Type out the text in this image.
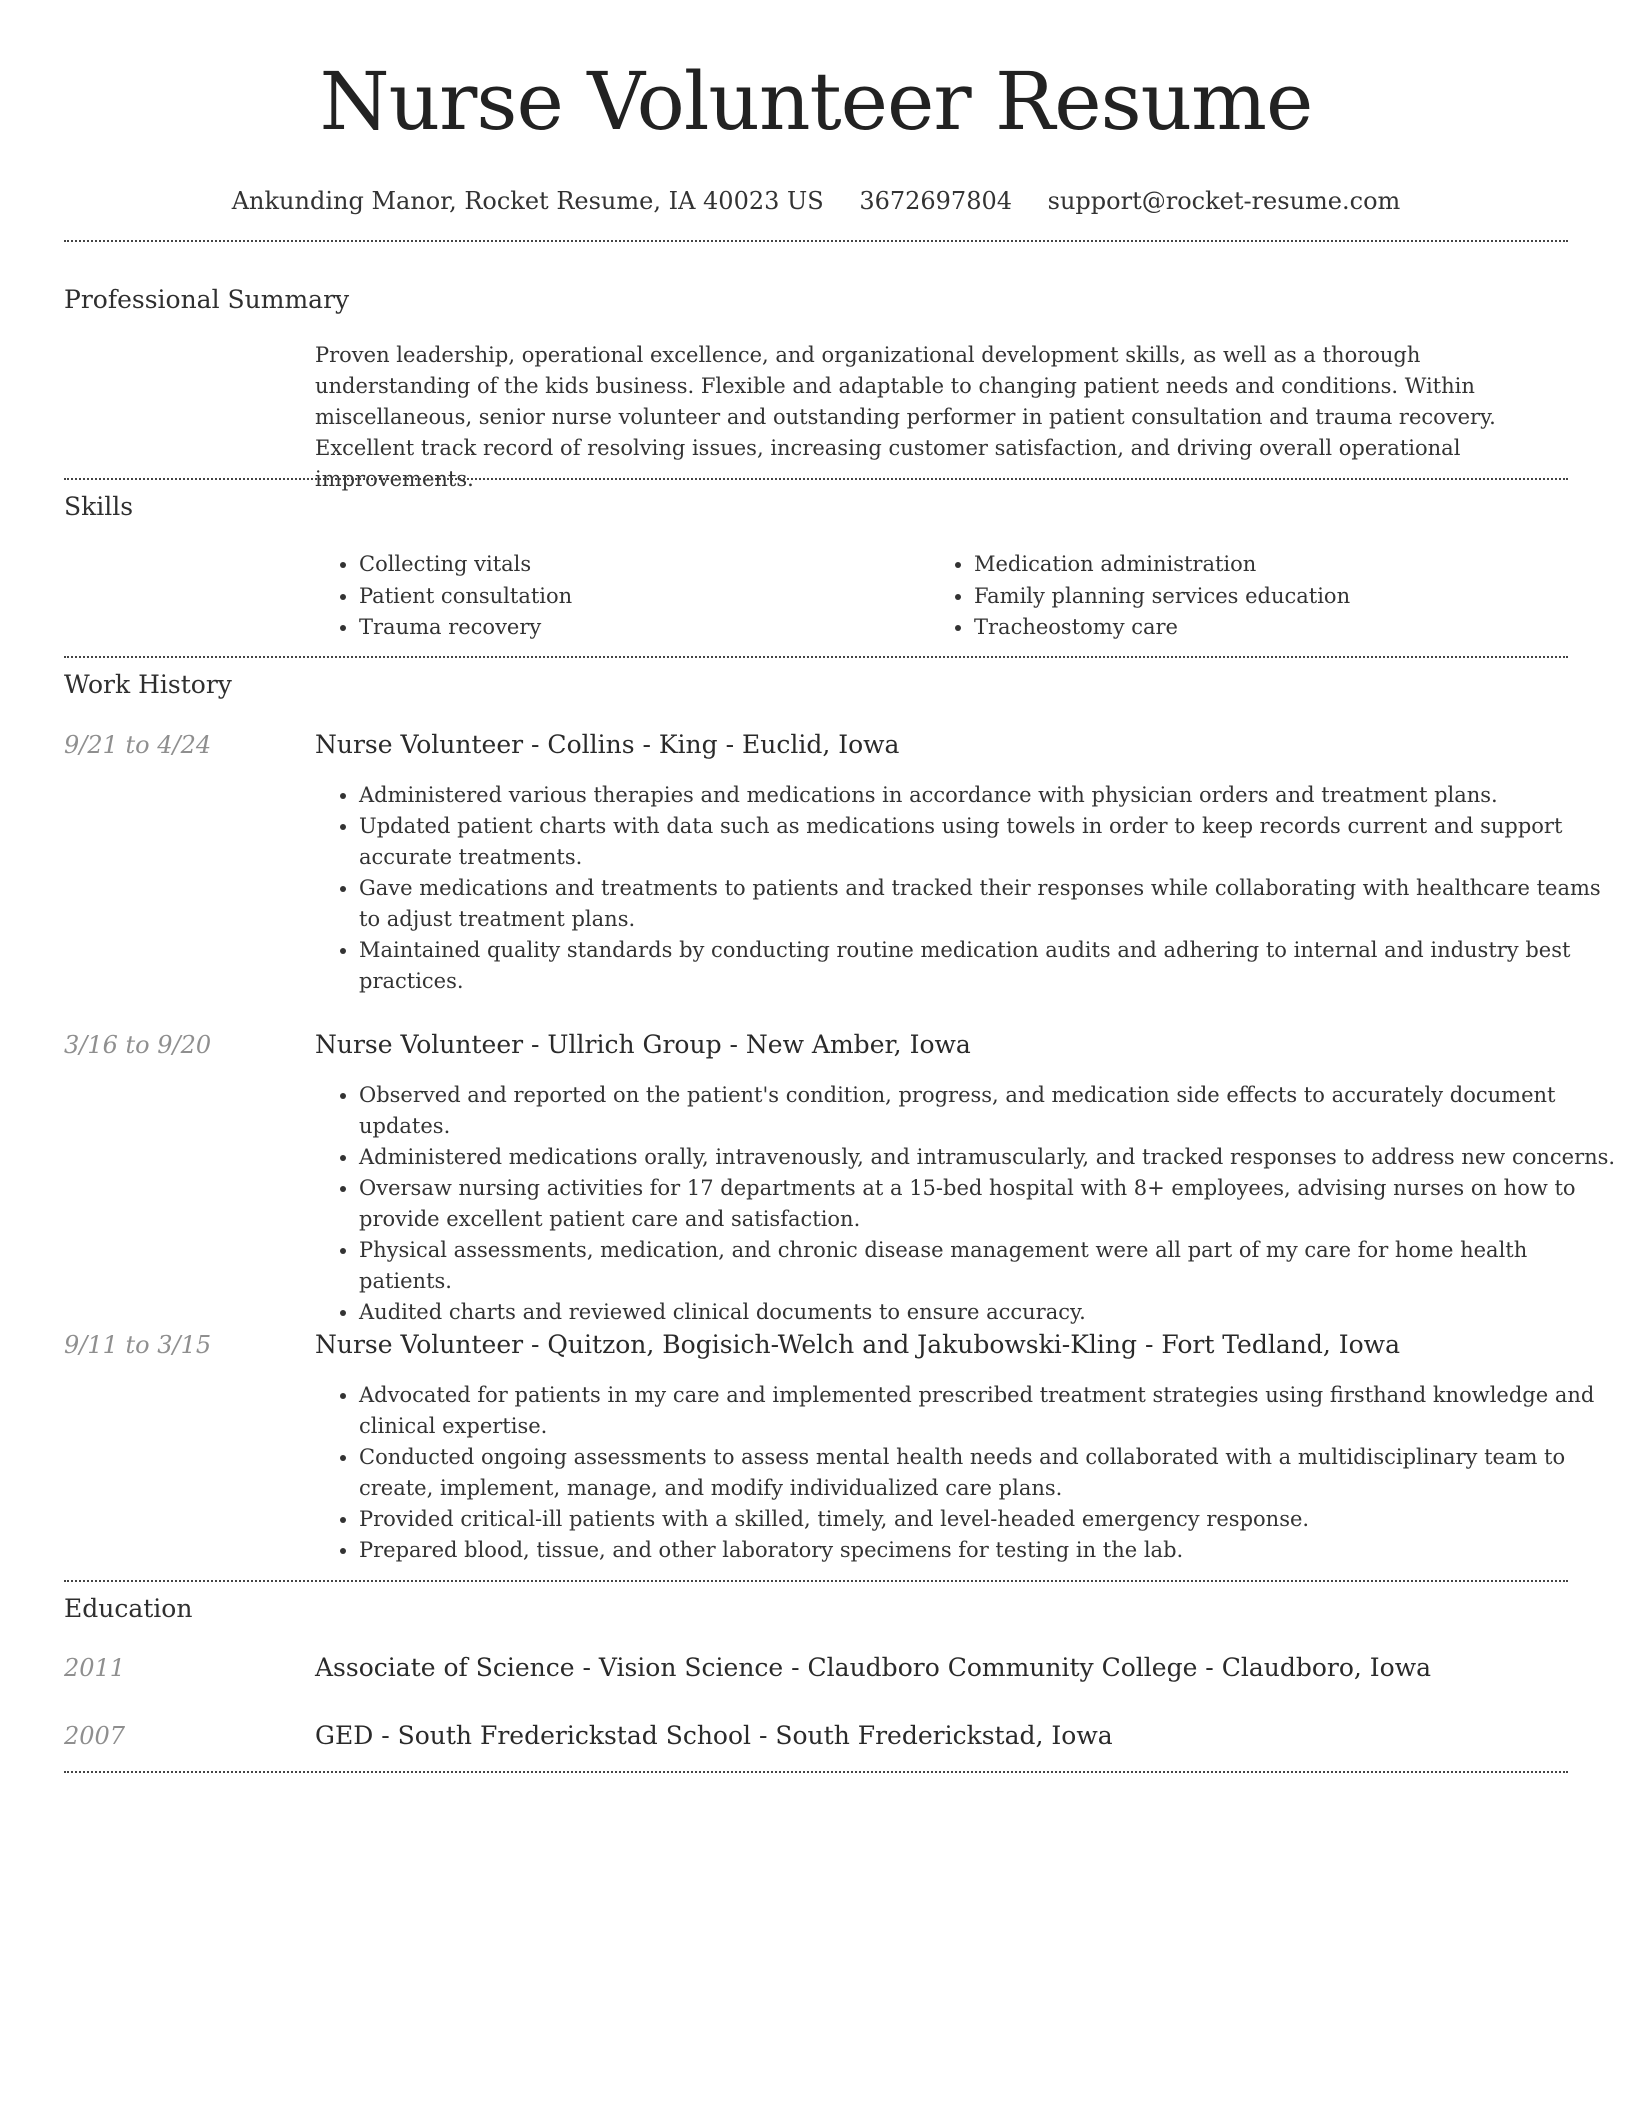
Nurse Volunteer Resume
Ankunding Manor, Rocket Resume, IA 40023 US 3672697804 support@rocket-resume.com
Professional Summary
Proven leadership, operational excellence, and organizational development skills, as well as a thorough understanding of the kids business. Flexible and adaptable to changing patient needs and conditions. Within miscellaneous, senior nurse volunteer and outstanding performer in patient consultation and trauma recovery. Excellent track record of resolving issues, increasing customer satisfaction, and driving overall operational improvements.
Skills
• Collecting vitals
• Patient consultation
• Trauma recovery
• Medication administration
• Family planning services education
• Tracheostomy care
Work History
9/21 to 4/24	Nurse Volunteer - Collins - King - Euclid, Iowa
• Administered various therapies and medications in accordance with physician orders and treatment plans.
• Updated patient charts with data such as medications using towels in order to keep records current and support accurate treatments.
• Gave medications and treatments to patients and tracked their responses while collaborating with healthcare teams to adjust treatment plans.
• Maintained quality standards by conducting routine medication audits and adhering to internal and industry best practices.
3/16 to 9/20	Nurse Volunteer - Ullrich Group - New Amber, Iowa
• Observed and reported on the patient's condition, progress, and medication side effects to accurately document updates.
• Administered medications orally, intravenously, and intramuscularly, and tracked responses to address new concerns.
• Oversaw nursing activities for 17 departments at a 15-bed hospital with 8+ employees, advising nurses on how to provide excellent patient care and satisfaction.
• Physical assessments, medication, and chronic disease management were all part of my care for home health patients.
• Audited charts and reviewed clinical documents to ensure accuracy.
9/11 to 3/15	Nurse Volunteer - Quitzon, Bogisich-Welch and Jakubowski-Kling - Fort Tedland, Iowa
• Advocated for patients in my care and implemented prescribed treatment strategies using firsthand knowledge and clinical expertise.
• Conducted ongoing assessments to assess mental health needs and collaborated with a multidisciplinary team to create, implement, manage, and modify individualized care plans.
• Provided critical-ill patients with a skilled, timely, and level-headed emergency response.
• Prepared blood, tissue, and other laboratory specimens for testing in the lab.
Education
2011	Associate of Science - Vision Science - Claudboro Community College - Claudboro, Iowa
2007	GED - South Frederickstad School - South Frederickstad, Iowa
